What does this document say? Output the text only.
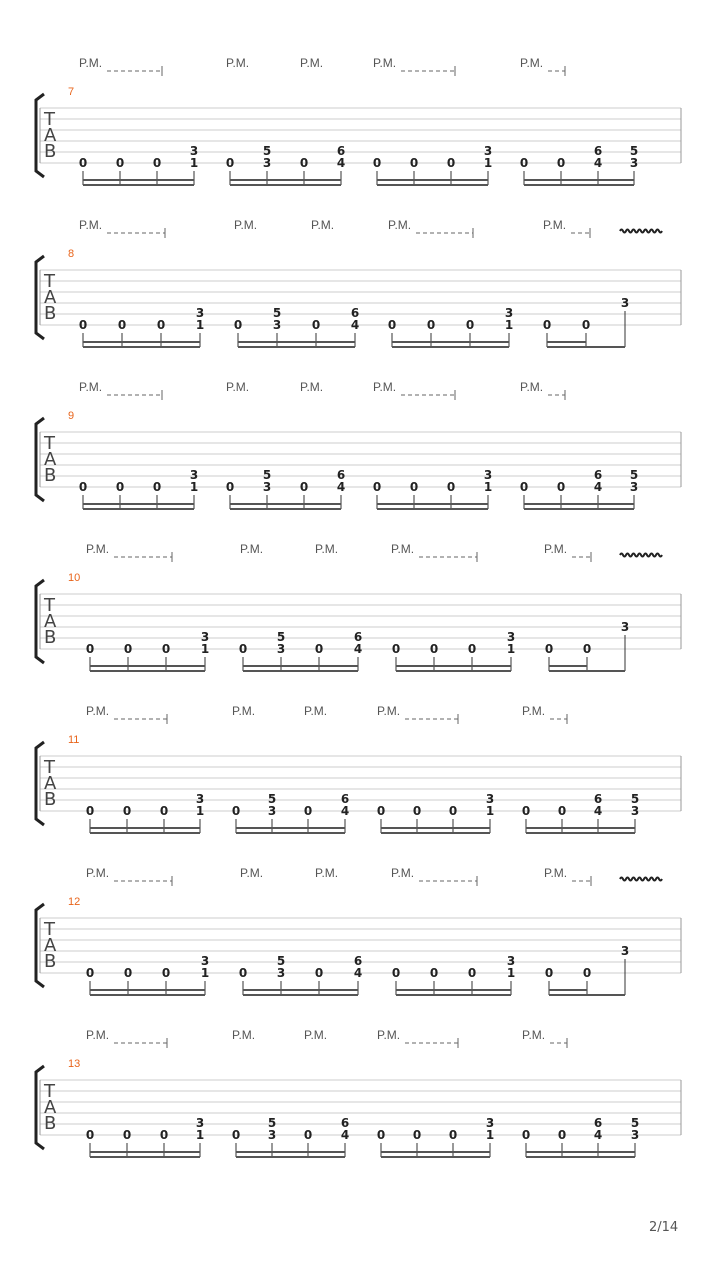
P.M.	P.M.	P.M.	P.M.	P.M.
7
T
A
B
0 0 0
3
1 0
5
3 0
6
4 0 0 0
3
1 0 0
6
4
5
3
P.M.	P.M.	P.M.	P.M.	P.M.
8
T
A
B
0	0	0
3
1 0
5
3	0
6
4 0	0	0
3
1 0	0
3
P.M.	P.M.	P.M.	P.M.	P.M.
9
T
A
B
0 0 0
3
1 0
5
3 0
6
4 0 0 0
3
1 0 0
6
4
5
3
P.M.	P.M.	P.M.	P.M.	P.M.
10
T
A
B
0 0 0
3
1 0
5
3 0
6
4 0 0 0
3
1 0 0
3
P.M.	P.M.	P.M.	P.M.	P.M.
11
T
A
B
0 0 0
3
1 0
5
3 0
6
4 0 0 0
3
1 0 0
6
4
5
3
P.M.	P.M.	P.M.	P.M.	P.M.
12
T
A
B
0 0 0
3
1 0
5
3 0
6
4 0 0 0
3
1 0 0
3
P.M.	P.M.	P.M.	P.M.	P.M.
13
T
A
B
0 0 0
3
1 0
5
3 0
6
4 0 0 0
3
1 0 0
6
4
5
3
2/14
